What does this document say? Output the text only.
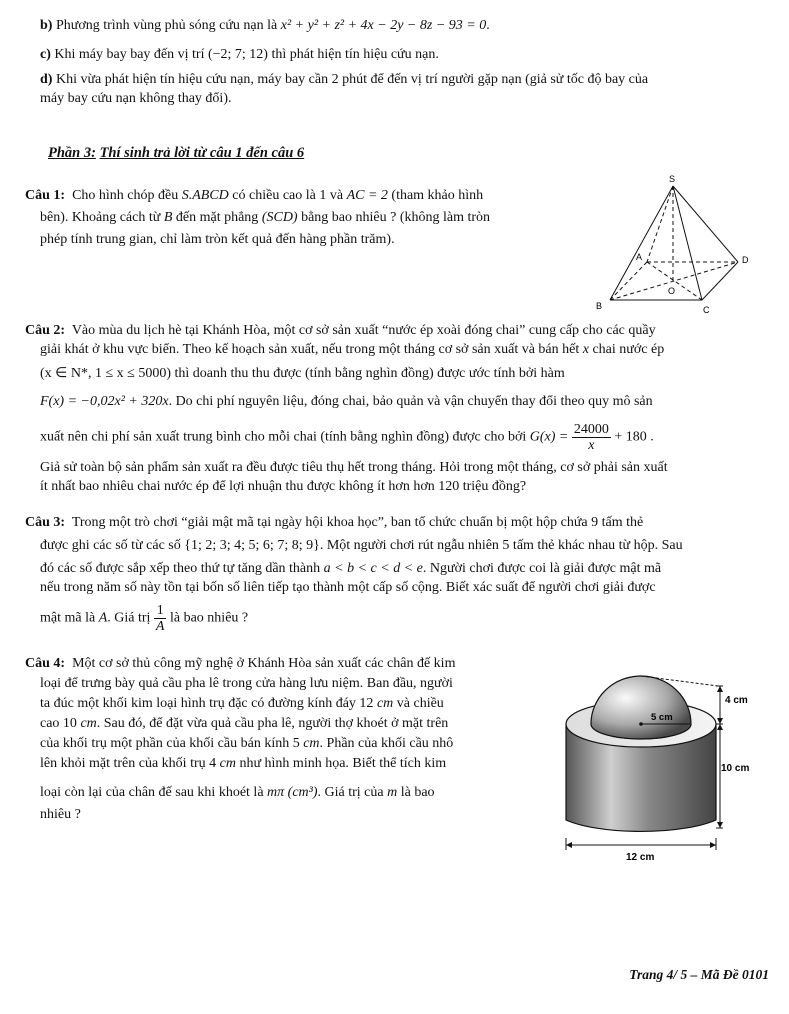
b) Phương trình vùng phủ sóng cứu nạn là x² + y² + z² + 4x − 2y − 8z − 93 = 0.

c) Khi máy bay bay đến vị trí (−2; 7; 12) thì phát hiện tín hiệu cứu nạn.

d) Khi vừa phát hiện tín hiệu cứu nạn, máy bay cần 2 phút để đến vị trí người gặp nạn (giả sử tốc độ bay của
máy bay cứu nạn không thay đổi).

Phần 3: Thí sinh trả lời từ câu 1 đến câu 6

Câu 1: Cho hình chóp đều S.ABCD có chiều cao là 1 và AC = 2 (tham khảo hình
bên). Khoảng cách từ B đến mặt phẳng (SCD) bằng bao nhiêu ? (không làm tròn
phép tính trung gian, chỉ làm tròn kết quả đến hàng phần trăm).

S
A
B	C
D
O

Câu 2: Vào mùa du lịch hè tại Khánh Hòa, một cơ sở sản xuất “nước ép xoài đóng chai” cung cấp cho các quầy
giải khát ở khu vực biển. Theo kế hoạch sản xuất, nếu trong một tháng cơ sở sản xuất và bán hết x chai nước ép

(x ∈ N*, 1 ≤ x ≤ 5000) thì doanh thu thu được (tính bằng nghìn đồng) được ước tính bởi hàm

F(x) = −0,02x² + 320x. Do chi phí nguyên liệu, đóng chai, bảo quản và vận chuyển thay đổi theo quy mô sản

xuất nên chi phí sản xuất trung bình cho mỗi chai (tính bằng nghìn đồng) được cho bởi $G(x) = \frac{24000}{x} + 180$ .

Giả sử toàn bộ sản phẩm sản xuất ra đều được tiêu thụ hết trong tháng. Hỏi trong một tháng, cơ sở phải sản xuất
ít nhất bao nhiêu chai nước ép để lợi nhuận thu được không ít hơn hơn 120 triệu đồng?

Câu 3: Trong một trò chơi “giải mật mã tại ngày hội khoa học”, ban tổ chức chuẩn bị một hộp chứa 9 tấm thẻ

được ghi các số từ các số {1; 2; 3; 4; 5; 6; 7; 8; 9}. Một người chơi rút ngẫu nhiên 5 tấm thẻ khác nhau từ hộp. Sau

đó các số được sắp xếp theo thứ tự tăng dần thành a < b < c < d < e. Người chơi được coi là giải được mật mã
nếu trong năm số này tồn tại bốn số liên tiếp tạo thành một cấp số cộng. Biết xác suất để người chơi giải được

mật mã là A. Giá trị $\frac{1}{A}$ là bao nhiêu ?

Câu 4: Một cơ sở thủ công mỹ nghệ ở Khánh Hòa sản xuất các chân đế kim
loại để trưng bày quả cầu pha lê trong cửa hàng lưu niệm. Ban đầu, người
ta đúc một khối kim loại hình trụ đặc có đường kính đáy 12 cm và chiều
cao 10 cm. Sau đó, để đặt vừa quả cầu pha lê, người thợ khoét ở mặt trên
của khối trụ một phần của khối cầu bán kính 5 cm. Phần của khối cầu nhô
lên khỏi mặt trên của khối trụ 4 cm như hình minh họa. Biết thể tích kim

loại còn lại của chân đế sau khi khoét là mπ (cm³). Giá trị của m là bao

nhiêu ?

5 cm
4 cm
10 cm
12 cm
Trang 4/ 5 – Mã Đề 0101
